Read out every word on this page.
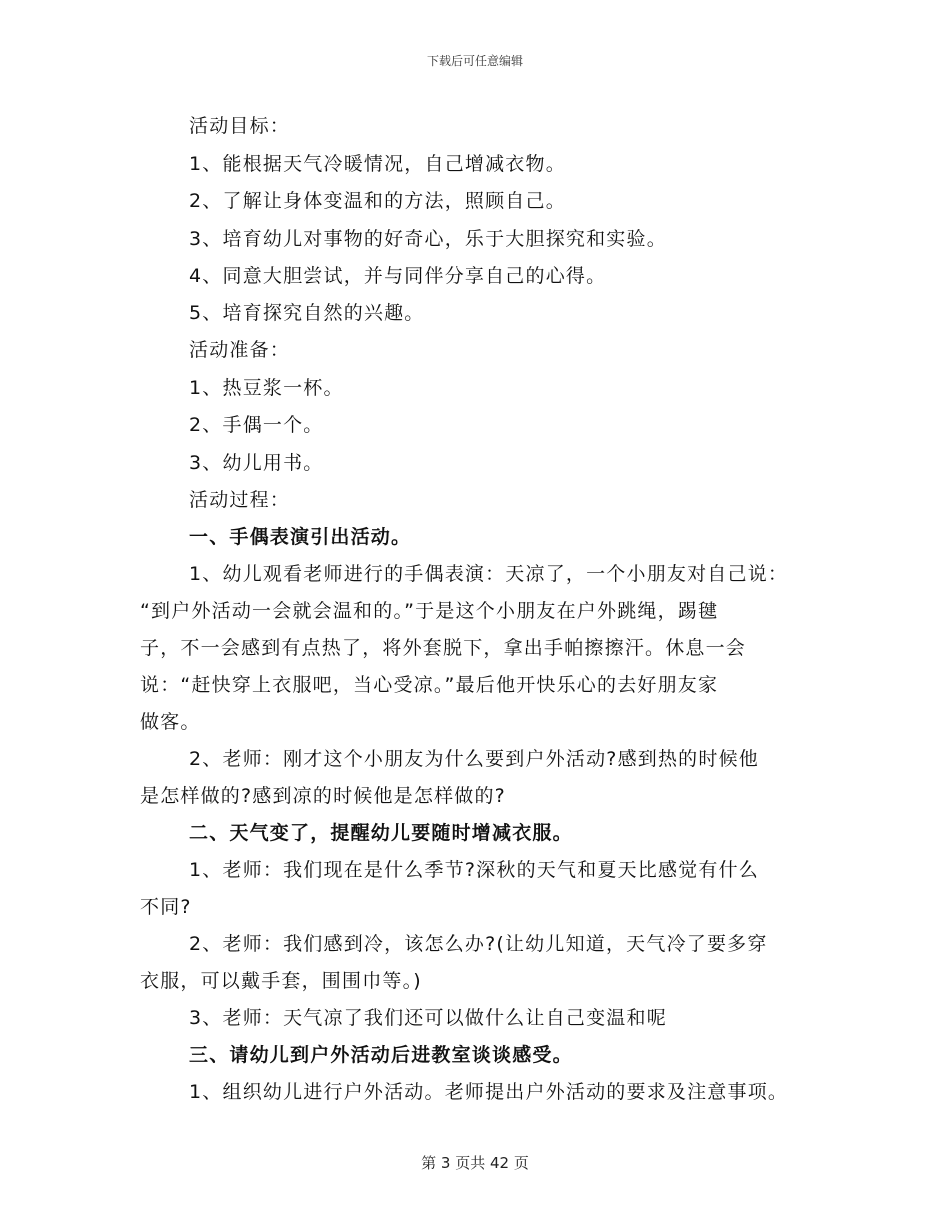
下载后可任意编辑
活动目标：
1、能根据天气冷暖情况，自己增减衣物。
2、了解让身体变温和的方法，照顾自己。
3、培育幼儿对事物的好奇心，乐于大胆探究和实验。
4、同意大胆尝试，并与同伴分享自己的心得。
5、培育探究自然的兴趣。
活动准备：
1、热豆浆一杯。
2、手偶一个。
3、幼儿用书。
活动过程：
一、手偶表演引出活动。
1、幼儿观看老师进行的手偶表演：天凉了，一个小朋友对自己说：
“到户外活动一会就会温和的。”于是这个小朋友在户外跳绳，踢毽
子，不一会感到有点热了，将外套脱下，拿出手帕擦擦汗。休息一会
说：“赶快穿上衣服吧，当心受凉。”最后他开快乐心的去好朋友家
做客。
2、老师：刚才这个小朋友为什么要到户外活动?感到热的时候他
是怎样做的?感到凉的时候他是怎样做的?
二、天气变了，提醒幼儿要随时增减衣服。
1、老师：我们现在是什么季节?深秋的天气和夏天比感觉有什么
不同?
2、老师：我们感到冷，该怎么办?(让幼儿知道，天气冷了要多穿
衣服，可以戴手套，围围巾等。)
3、老师：天气凉了我们还可以做什么让自己变温和呢
三、请幼儿到户外活动后进教室谈谈感受。
1、组织幼儿进行户外活动。老师提出户外活动的要求及注意事项。
第 3 页共 42 页
